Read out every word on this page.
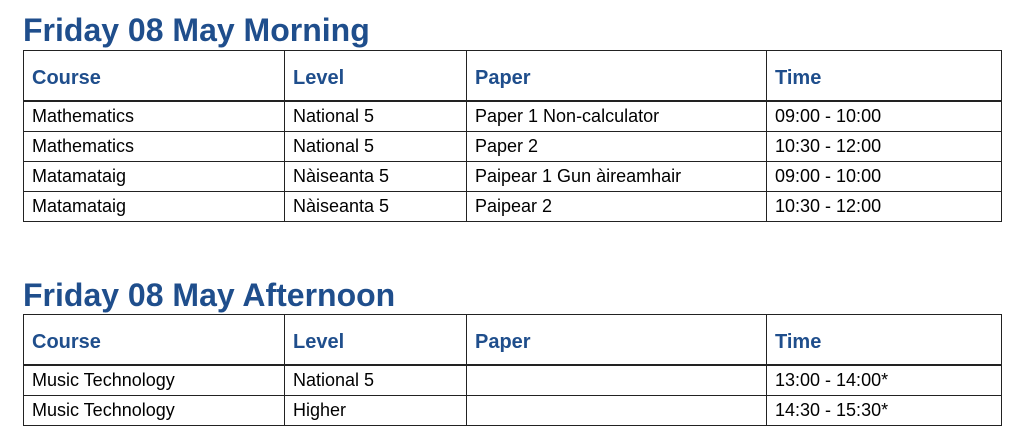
Friday 08 May Morning
Course	Level	Paper	Time
Mathematics	National 5	Paper 1 Non-calculator	09:00 - 10:00
Mathematics	National 5	Paper 2	10:30 - 12:00
Matamataig	Nàiseanta 5	Paipear 1 Gun àireamhair	09:00 - 10:00
Matamataig	Nàiseanta 5	Paipear 2	10:30 - 12:00
Friday 08 May Afternoon
Course	Level	Paper	Time
Music Technology	National 5		13:00 - 14:00*
Music Technology	Higher		14:30 - 15:30*
